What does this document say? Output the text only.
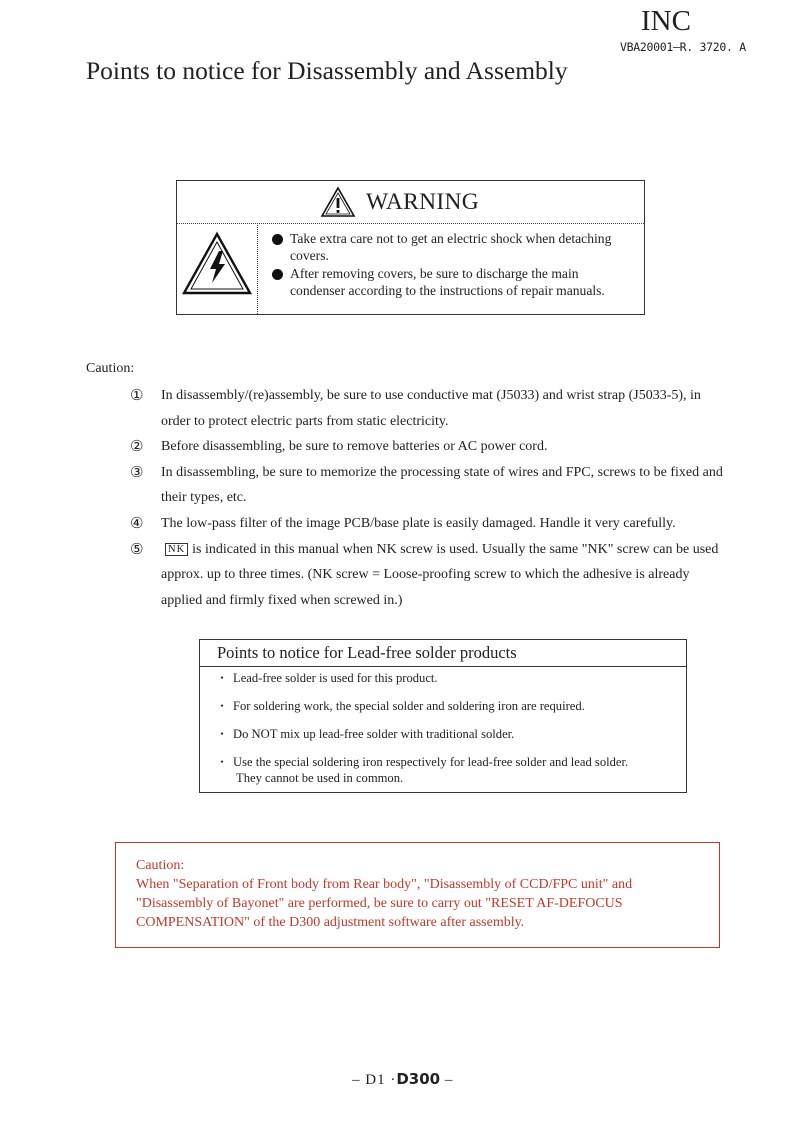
INC
VBA20001–R. 3720. A
Points to notice for Disassembly and Assembly
WARNING
Take extra care not to get an electric shock when detaching
covers.
After removing covers, be sure to discharge the main
condenser according to the instructions of repair manuals.
Caution:
① In disassembly/(re)assembly, be sure to use conductive mat (J5033) and wrist strap (J5033-5), in
order to protect electric parts from static electricity.
② Before disassembling, be sure to remove batteries or AC power cord.
③ In disassembling, be sure to memorize the processing state of wires and FPC, screws to be fixed and
their types, etc.
④ The low-pass filter of the image PCB/base plate is easily damaged. Handle it very carefully.
⑤	NK is indicated in this manual when NK screw is used. Usually the same "NK" screw can be used
approx. up to three times. (NK screw = Loose-proofing screw to which the adhesive is already
applied and firmly fixed when screwed in.)
Points to notice for Lead-free solder products
・ Lead-free solder is used for this product.
・ For soldering work, the special solder and soldering iron are required.
・ Do NOT mix up lead-free solder with traditional solder.
・ Use the special soldering iron respectively for lead-free solder and lead solder.
They cannot be used in common.
Caution:
When "Separation of Front body from Rear body", "Disassembly of CCD/FPC unit" and
"Disassembly of Bayonet" are performed, be sure to carry out "RESET AF-DEFOCUS
COMPENSATION" of the D300 adjustment software after assembly.
– D1 ·D300 –
